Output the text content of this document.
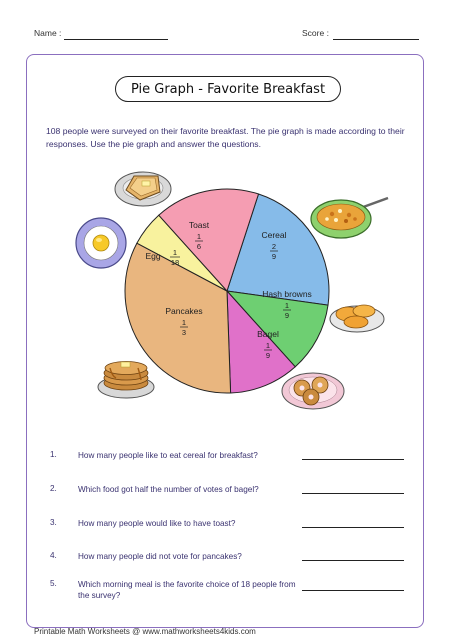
Name :	Score :
Pie Graph - Favorite Breakfast
108 people were surveyed on their favorite breakfast. The pie graph is made according to their responses. Use the pie graph and answer the questions.
Toast
1
6
Cereal
2
9
Hash browns
1
9
Bagel
1
9
Pancakes
1
3
Egg 1
18
1.	How many people like to eat cereal for breakfast?
2.	Which food got half the number of votes of bagel?
3.	How many people would like to have toast?
4.	How many people did not vote for pancakes?
5.	Which morning meal is the favorite choice of 18 people from the survey?
Printable Math Worksheets @ www.mathworksheets4kids.com
